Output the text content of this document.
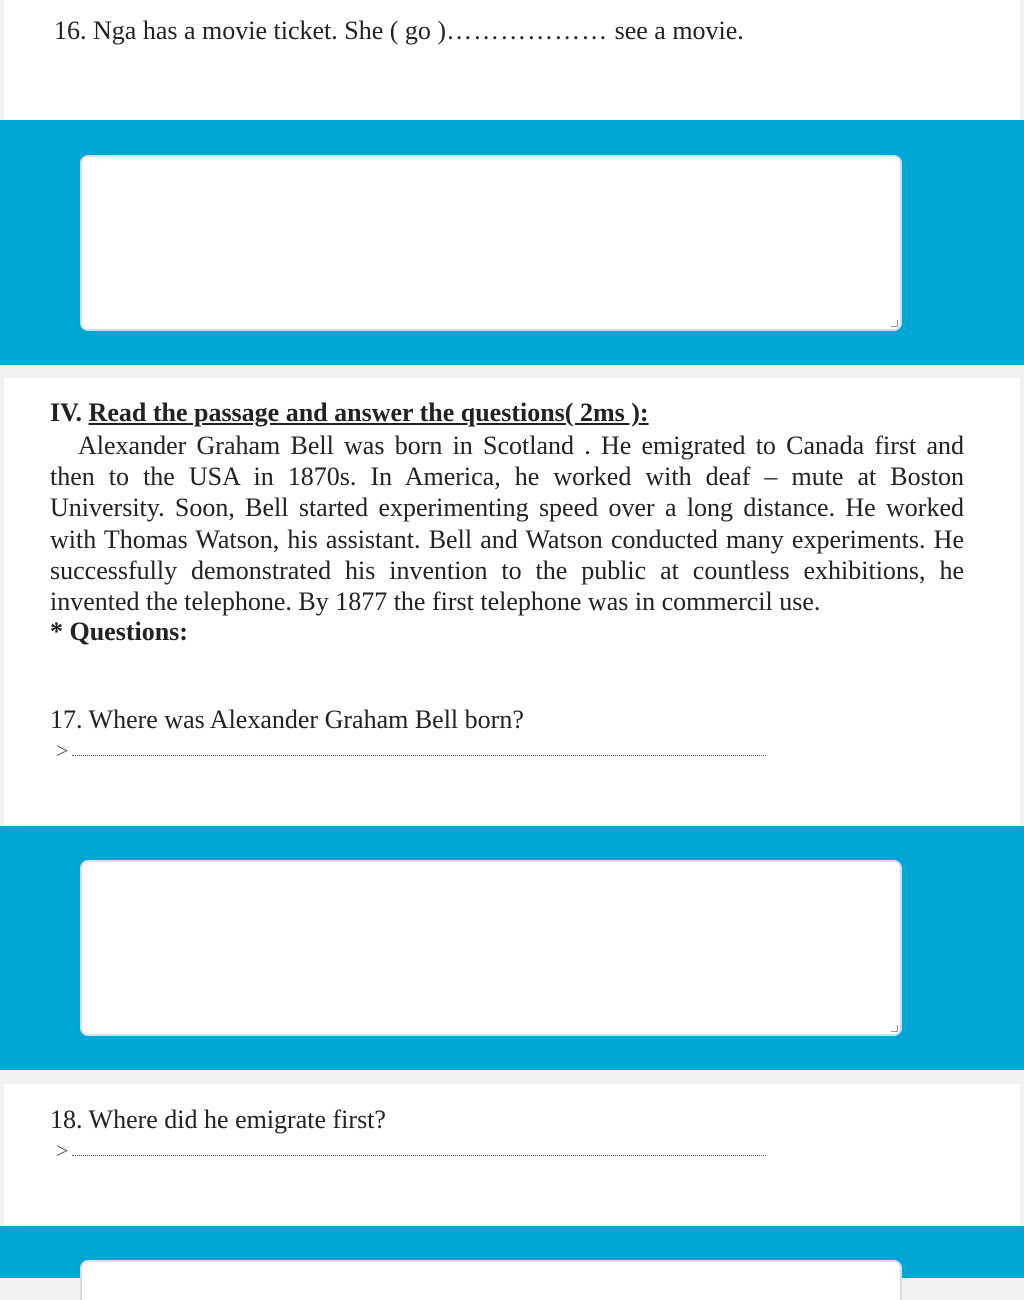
16. Nga has a movie ticket. She ( go )……………… see a movie.
IV. Read the passage and answer the questions( 2ms ):
Alexander Graham Bell was born in Scotland . He emigrated to Canada first and then to the USA in 1870s. In America, he worked with deaf – mute at Boston University. Soon, Bell started experimenting speed over a long distance. He worked with Thomas Watson, his assistant. Bell and Watson conducted many experiments. He successfully demonstrated his invention to the public at countless exhibitions, he invented the telephone. By 1877 the first telephone was in commercil use.
* Questions:
17. Where was Alexander Graham Bell born?
>
18. Where did he emigrate first?
>
